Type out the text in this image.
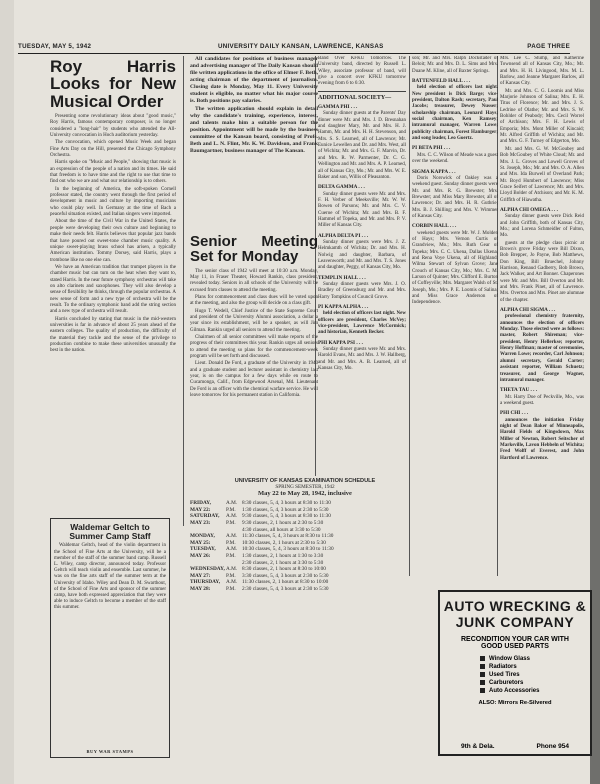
TUESDAY, MAY 5, 1942	UNIVERSITY DAILY KANSAN, LAWRENCE, KANSAS	PAGE THREE
Roy Harris Looks for New Musical Order

Presenting some revolutionary ideas about "good music," Roy Harris, famous contemporary composer, is no longer considered a "long-hair" by students who attended the All-University convocation in Hoch auditorium yesterday.

The convocation, which opened Music Week and began Fine Arts Day on the Hill, presented the Chicago Symphony Orchestra.

Harris spoke on "Music and People," showing that music is an expression of the people of a nation and its times. He said that freedom is to have time and the right to use that time to find out who we are and what our relationship is to others.

In the beginning of America, the soft-spoken Cornell professor stated, the country went through the first period of development in music and culture by importing musicians who could play well. In Germany at the time of Bach a peaceful situation existed, and Italian singers were imported.

About the time of the Civil War in the United States, the people were developing their own culture and beginning to make their needs felt. Harris believes that popular jazz bands that have poured out sweet-tone chamber music quality. A unique sweet-playing brass school has arisen, a typically American institution. Tommy Dorsey, said Harris, plays a trombone like no one else can.

We have an American tradition that trumpet players in the chamber music but can turn on the heat when they want to, stated Harris. In the near future symphony orchestras will take on alto clarinets and saxophones. They will also develop a sense of flexibility he thinks, through the popular orchestras. A new sense of form and a new type of orchestra will be the result. To the ordinary symphonic band add the string section and a new type of orchestra will result.

Harris concluded by stating that music in the mid-western universities is far in advance of about 25 years ahead of the eastern colleges. The quality of production, the difficulty of the material they tackle and the sense of the privilege to production combine to make these universities unusually the best in the nation.

Waldemar Geltch to Summer Camp Staff

Waldemar Geltch, head of the violin department in the School of Fine Arts at the University, will be a member of the staff of the summer band camp. Russell L. Wiley, camp director, announced today. Professor Geltch will teach violin and ensemble. Last summer, he was on the fine arts staff of the summer term at the University of Idaho. Wiley and Dean D. M. Swarthout, of the School of Fine Arts and sponsor of the summer camp, have both expressed appreciation that they were able to induce Geltch to become a member of the staff this summer.

BUY WAR STAMPS

All candidates for positions of business manager and advertising manager of The Daily Kansan should file written applications in the office of Elmer F. Beth, acting chairman of the department of journalism. Closing date is Monday, May 11. Every University student is eligible, no matter what his major course is. Both positions pay salaries.

The written application should explain in detail why the candidate's training, experience, interest, and talents make him a suitable person for the position. Appointment will be made by the business committee of the Kansan board, consisting of Profs. Beth and L. N. Flint, Mr. K. W. Davidson, and Frank Baumgartner, business manager of The Kansan.

Senior Meeting Set for Monday

The senior class of 1942 will meet at 10:30 a.m. Monday, May 11, in Fraser Theater, Howard Rankin, class president, revealed today. Seniors in all schools of the University will be excused from classes to attend the meeting.

Plans for commencement and class dues will be voted upon at the meeting, and also the group will decide on a class gift.

Hugo T. Wedell, Chief Justice of the State Supreme Court and president of the University Alumni association, a dollar a year since its establishment, will be a speaker, as will Jim Gilman. Rankin urged all seniors to attend the meeting.

Chairmen of all senior committees will make reports of the progress of their committees this year. Rankin urges all seniors to attend the meeting so plans for the commencement-week program will be set forth and discussed.

Lieut. Donald De Ford, a graduate of the University in 1940 and a graduate student and lecturer assistant in chemistry last year, is on the campus for a few days while en route to Cucamonga, Calif., from Edgewood Arsenal, Md. Lieutenant De Ford is an officer with the chemical warfare service. He will leave tomorrow for his permanent station in California.

Band Over KFKU Tomorrow. The University band, directed by Russell L. Wiley, associate professor of band, will give a concert over KFKU tomorrow evening from 6 to 6:30.

ADDITIONAL SOCIETY—
GAMMA PHI . . .

Sunday dinner guests at the Parents' Day dinner were Mr. and Mrs. J. D. Bresnahan and daughter Mary, Mr. and Mrs. H. J. Hamm, Mr. and Mrs. H. H. Stevenson, and Mrs. S. S. Learned, all of Lawrence; Mr. Eunice Lewellen and Dr. and Mrs. West, all of Wichita; Mr. and Mrs. G. F. Marvin, Dr. and Mrs. R. W. Parmenter, Dr. C. G. Wellington and Mr. and Mrs. A. P. Learned, all of Kansas City, Mo.; Mr. and Mrs. W. E. Baker and son, Willis of Pleasanton.

DELTA GAMMA . . .

Sunday dinner guests were Mr. and Mrs. F. H. Verber of Meeksville; Mr. W. W. Bowen of Parsons; Mr. and Mrs. C. V. Cueroe of Wichita; Mr. and Mrs. B. F. Hammel of Topeka, and Mr. and Mrs. P. V. Miller of Kansas City.

ALPHA DELTA PI . . .

Sunday dinner guests were Mrs. J. Z. Helmkamth of Wichita; Dr. and Mrs. H. Nolwig and daughter, Barbara, of Leavenworth; and Mr. and Mrs. T. S. Jones and daughter, Peggy, of Kansas City, Mo.

TEMPLIN HALL . . .

Sunday dinner guests were Mrs. J. O. Bradley of Greensburg and Mr. and Mrs. Harry Tompkins of Council Grove.

PI KAPPA ALPHA . . .

held election of officers last night. New officers are president, Charles McVey; vice-president, Lawrence McCormick; and historian, Kenneth Becker.

PHI KAPPA PSI . . .

Sunday dinner guests were Mr. and Mrs. Harold Evans, Mr. and Mrs. J. W. Hallberg, and Mr. and Mrs. A. B. Learned, all of Kansas City, Mo.

son; Mr. and Mrs. Ralph Dockstader of Beloit; Mr. and Mrs. D. L. Sims and Mrs. Duane M. Kline, all of Baxter Springs.

BATTENFELD HALL . . .

held election of officers last night. New president is Dick Barge; vice-president, Dalton Rash; secretary, Paul Jacobs; treasurer, Dewey Nusser; scholarship chairman, Leonard Hays; social chairman, Ken Ramsey; intramural manager, Warren Lowe; publicity chairman, Forest Hamburger; and song leader, Leo Goertz.

PI BETA PHI . . .

Mrs. C. C. Wilson of Meade was a guest over the weekend.

SIGMA KAPPA . . .

Doris Norswick of Oakley was a weekend guest. Sunday dinner guests were Mr. and Mrs. R. G. Brewster; Mrs. Brewster; and Miss Mary Brewster, all of Lawrence; Dr. and Mrs. H. R. Guthrie; Mrs. B. J. Shilling; and Mrs. V. Wimmer of Kansas City.

CORBIN HALL . . .

weekend guests were Mr. W. J. Molden of Hays; Mrs. Vernon Curtis of Grandview, Mo.; Mrs. Ruth Gear of Topeka; Mrs. C. C. Ukena, Dallas Ukena, and Rena Voye Ukena, all of Highland; Wilma Stewart of Sylvan Grove; Jane Crouch of Kansas City, Mo.; Mrs. C. M. Larson of Quinter; Mrs. Clifford E. Burton of Coffeyville; Mrs. Margaret Walsh of St. Joseph, Mo.; Mrs. P. E. Loomis of Salina; and Miss Grace Anderson of Independence.

Mrs. Lee C. Stump, and Katherine Townsend all of Kansas City, Mo.; Mr. and Mrs. H. H. Livingood, Mrs. M. L. Barlow, and Jeanne Margaret Barlow, all of Kansas City.

Mr. and Mrs. C. G. Loomis and Miss Marjorie Johnson of Salina; Mrs. E. H. Titus of Florence; Mr. and Mrs. J. S. Ledrine of Olathe; Mr. and Mrs. S. W. Bohlder of Peabody; Mrs. Cecil Worrel of Archison; Mrs. F. H. Lewis of Emporia; Mrs. Mont Miller of Kincaid; Mr. Alfred Griffith of Wichita; and Mr. and Mrs. G. F. Turney of Edgerton, Mo.

Mr. and Mrs. G. W. McGoubey and Bob McGoubey of White Cloud; Mr. and Mrs. J. L. Groves and Lowell Groves of St. Joseph, Mo.; Mr. and Mrs. O. A. Allen and Mrs. Ida Burwell of Overland Park; Mr. Boyd Humbert of Lawrence; Miss Grace Seifert of Lawrence; Mr. and Mrs. Lloyd Bolder of Atchison; and Mr. K. M. Griffith of Hiawatha.

ALPHA CHI OMEGA . . .

Sunday dinner guests were Dick Reid and John Griffith, both of Kansas City, Mo.; and Lorena Schmeidler of Fulton, Mo.

guests at the pledge class picnic at Brown's grove Friday were Bill Dixon, Bob Brepper, Jo Payne, Bob Matthews, Don King, Bill Bruechel, Johnny Harrison, Renaud Gadberry, Bob Brown, Jack Walker, and Art Bonner. Chaperones were Mr. and Mrs. Bill Overton and Mr. and Mrs. Frank Pinet, all of Lawrence. Mrs. Overton and Mrs. Pinet are alumnae of the chapter.

ALPHA CHI SIGMA . . .

professional chemistry fraternity, announces the election of officers Monday. Those elected were as follows: master, Robert Shireman; vice-president, Henry Hellerkse; reporter, Henry Hoffman; master of ceremonies, Warren Lowe; recorder, Carl Johnson; alumni secretary, Gerald Carter; assistant reporter, William Schuetz; treasurer, and George Wagner, intramural manager.

THETA TAU . . .

Mr. Harry Doe of Peckville, Mo., was a weekend guest.

PHI CHI . . .

announces the initiation Friday night of Dean Baker of Minneapolis, Harold Fields of Kingsdown, Max Miller of Newton, Robert Seitscher of Marksville, Lavon Hebbeln of Wichita; Fred Wolff of Everest, and John Hartford of Lawrence.

UNIVERSITY OF KANSAS EXAMINATION SCHEDULE
SPRING SEMESTER, 1942
May 22 to May 28, 1942, inclusive
FRIDAY,	A.M. 8:30 classes, 5, 4, 3 hours at 8:30 to 11:30
MAY 22:	P.M.	1:30 classes, 5, 4, 3 hours at 2:30 to 5:30
SATURDAY,	A.M. 9:30 classes, 5, 4, 3 hours at 8:30 to 11:30
MAY 23:	P.M.	9:30 classes, 2, 1 hours at 2:30 to 5:30
4:30 classes, all hours at 3:30 to 5:30
MONDAY,	A.M. 11:30 classes, 5, 4, 3 hours at 8:30 to 11:30
MAY 25:	P.M.	10:30 classes, 2, 1 hours at 2:30 to 5:30
TUESDAY,	A.M. 10:30 classes, 5, 4, 3 hours at 8:30 to 11:30
MAY 26:	P.M.	1:30 classes, 2, 1 hours at 1:30 to 3:30
2:30 classes, 2, 1 hours at 3:30 to 5:30
WEDNESDAY, A.M. 8:30 classes, 2, 1 hours at 8:30 to 10:00
MAY 27:	P.M.	3:30 classes, 5, 4, 3 hours at 2:30 to 5:30
THURSDAY,	A.M. 11:30 classes, 2, 1 hours at 8:30 to 10:00
MAY 28:	P.M.	2:30 classes, 5, 4, 3 hours at 2:30 to 5:30
AUTO WRECKING & JUNK COMPANY
RECONDITION YOUR CAR WITH
GOOD USED PARTS
Window Glass
Radiators
Used Tires
Carburetors
Auto Accessories
ALSO: Mirrors Re-Silvered
9th & Dela.	Phone 954
